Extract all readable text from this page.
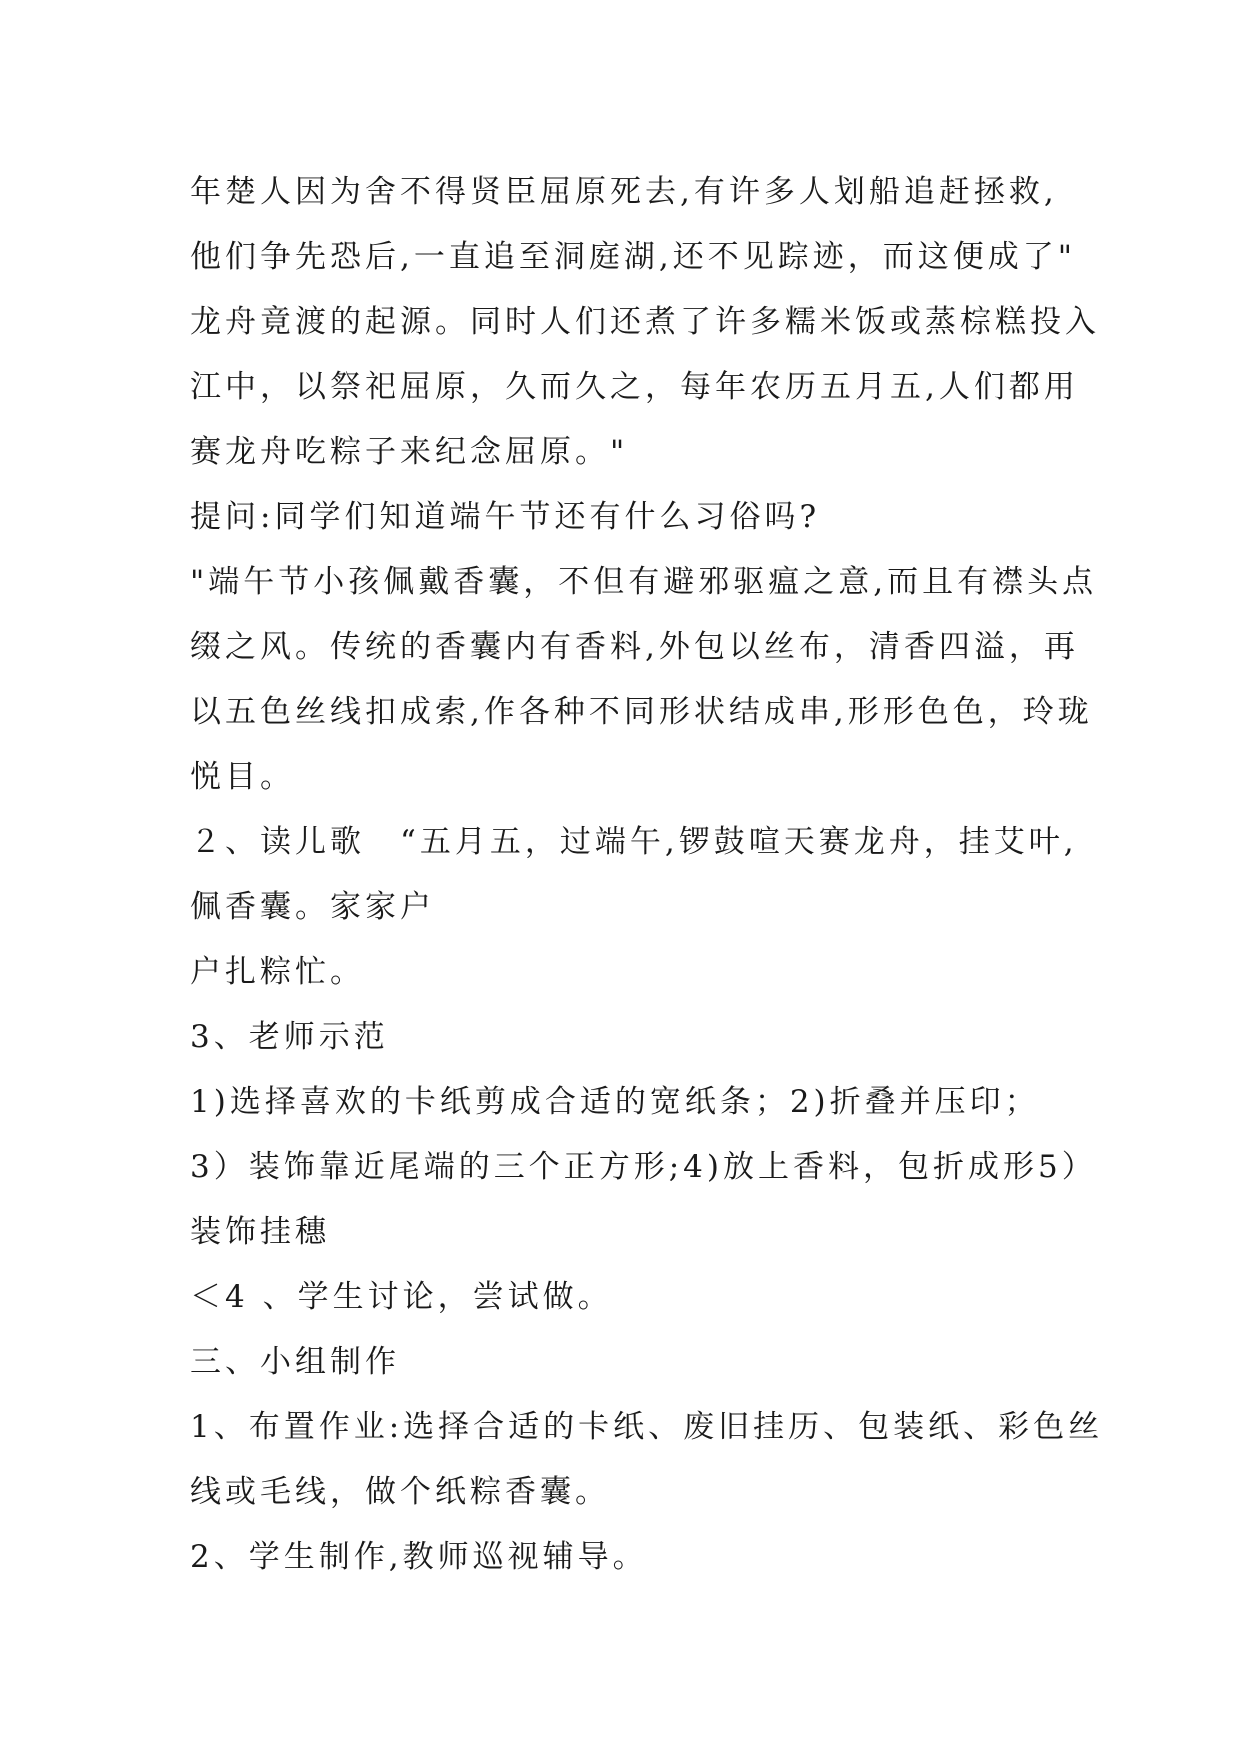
年楚人因为舍不得贤臣屈原死去,有许多人划船追赶拯救,
他们争先恐后,一直追至洞庭湖,还不见踪迹，而这便成了"
龙舟竟渡的起源。同时人们还煮了许多糯米饭或蒸棕糕投入
江中，以祭祀屈原，久而久之，每年农历五月五,人们都用
赛龙舟吃粽子来纪念屈原。"
提问:同学们知道端午节还有什么习俗吗?
"端午节小孩佩戴香囊，不但有避邪驱瘟之意,而且有襟头点
缀之风。传统的香囊内有香料,外包以丝布，清香四溢，再
以五色丝线扣成索,作各种不同形状结成串,形形色色，玲珑
悦目。
２、读儿歌　“五月五，过端午,锣鼓喧天赛龙舟，挂艾叶,
佩香囊。家家户
户扎粽忙。
3、老师示范
1)选择喜欢的卡纸剪成合适的宽纸条；2)折叠并压印；
3）装饰靠近尾端的三个正方形;4)放上香料，包折成形5）
装饰挂穗
＜4 、学生讨论，尝试做。
三、小组制作
1、布置作业:选择合适的卡纸、废旧挂历、包装纸、彩色丝
线或毛线，做个纸粽香囊。
2、学生制作,教师巡视辅导。
